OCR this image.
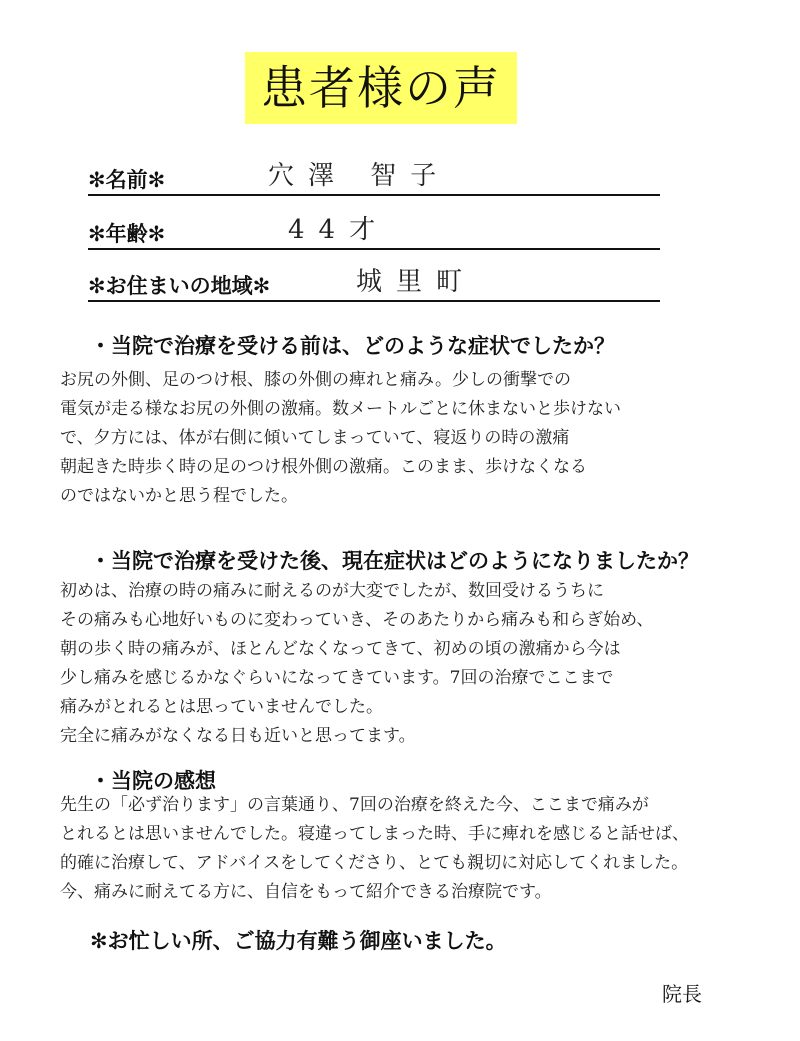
患者様の声
✻名前✻	穴澤 智子
✻年齢✻	44才
✻お住まいの地域✻	城里町
・当院で治療を受ける前は、どのような症状でしたか？
お尻の外側、足のつけ根、膝の外側の痺れと痛み。少しの衝撃での
電気が走る様なお尻の外側の激痛。数メートルごとに休まないと歩けない
で、夕方には、体が右側に傾いてしまっていて、寝返りの時の激痛
朝起きた時歩く時の足のつけ根外側の激痛。このまま、歩けなくなる
のではないかと思う程でした。
・当院で治療を受けた後、現在症状はどのようになりましたか？
初めは、治療の時の痛みに耐えるのが大変でしたが、数回受けるうちに
その痛みも心地好いものに変わっていき、そのあたりから痛みも和らぎ始め、
朝の歩く時の痛みが、ほとんどなくなってきて、初めの頃の激痛から今は
少し痛みを感じるかなぐらいになってきています。7回の治療でここまで
痛みがとれるとは思っていませんでした。
完全に痛みがなくなる日も近いと思ってます。
・当院の感想
先生の「必ず治ります」の言葉通り、7回の治療を終えた今、ここまで痛みが
とれるとは思いませんでした。寝違ってしまった時、手に痺れを感じると話せば、
的確に治療して、アドバイスをしてくださり、とても親切に対応してくれました。
今、痛みに耐えてる方に、自信をもって紹介できる治療院です。
✻お忙しい所、ご協力有難う御座いました。
院長
